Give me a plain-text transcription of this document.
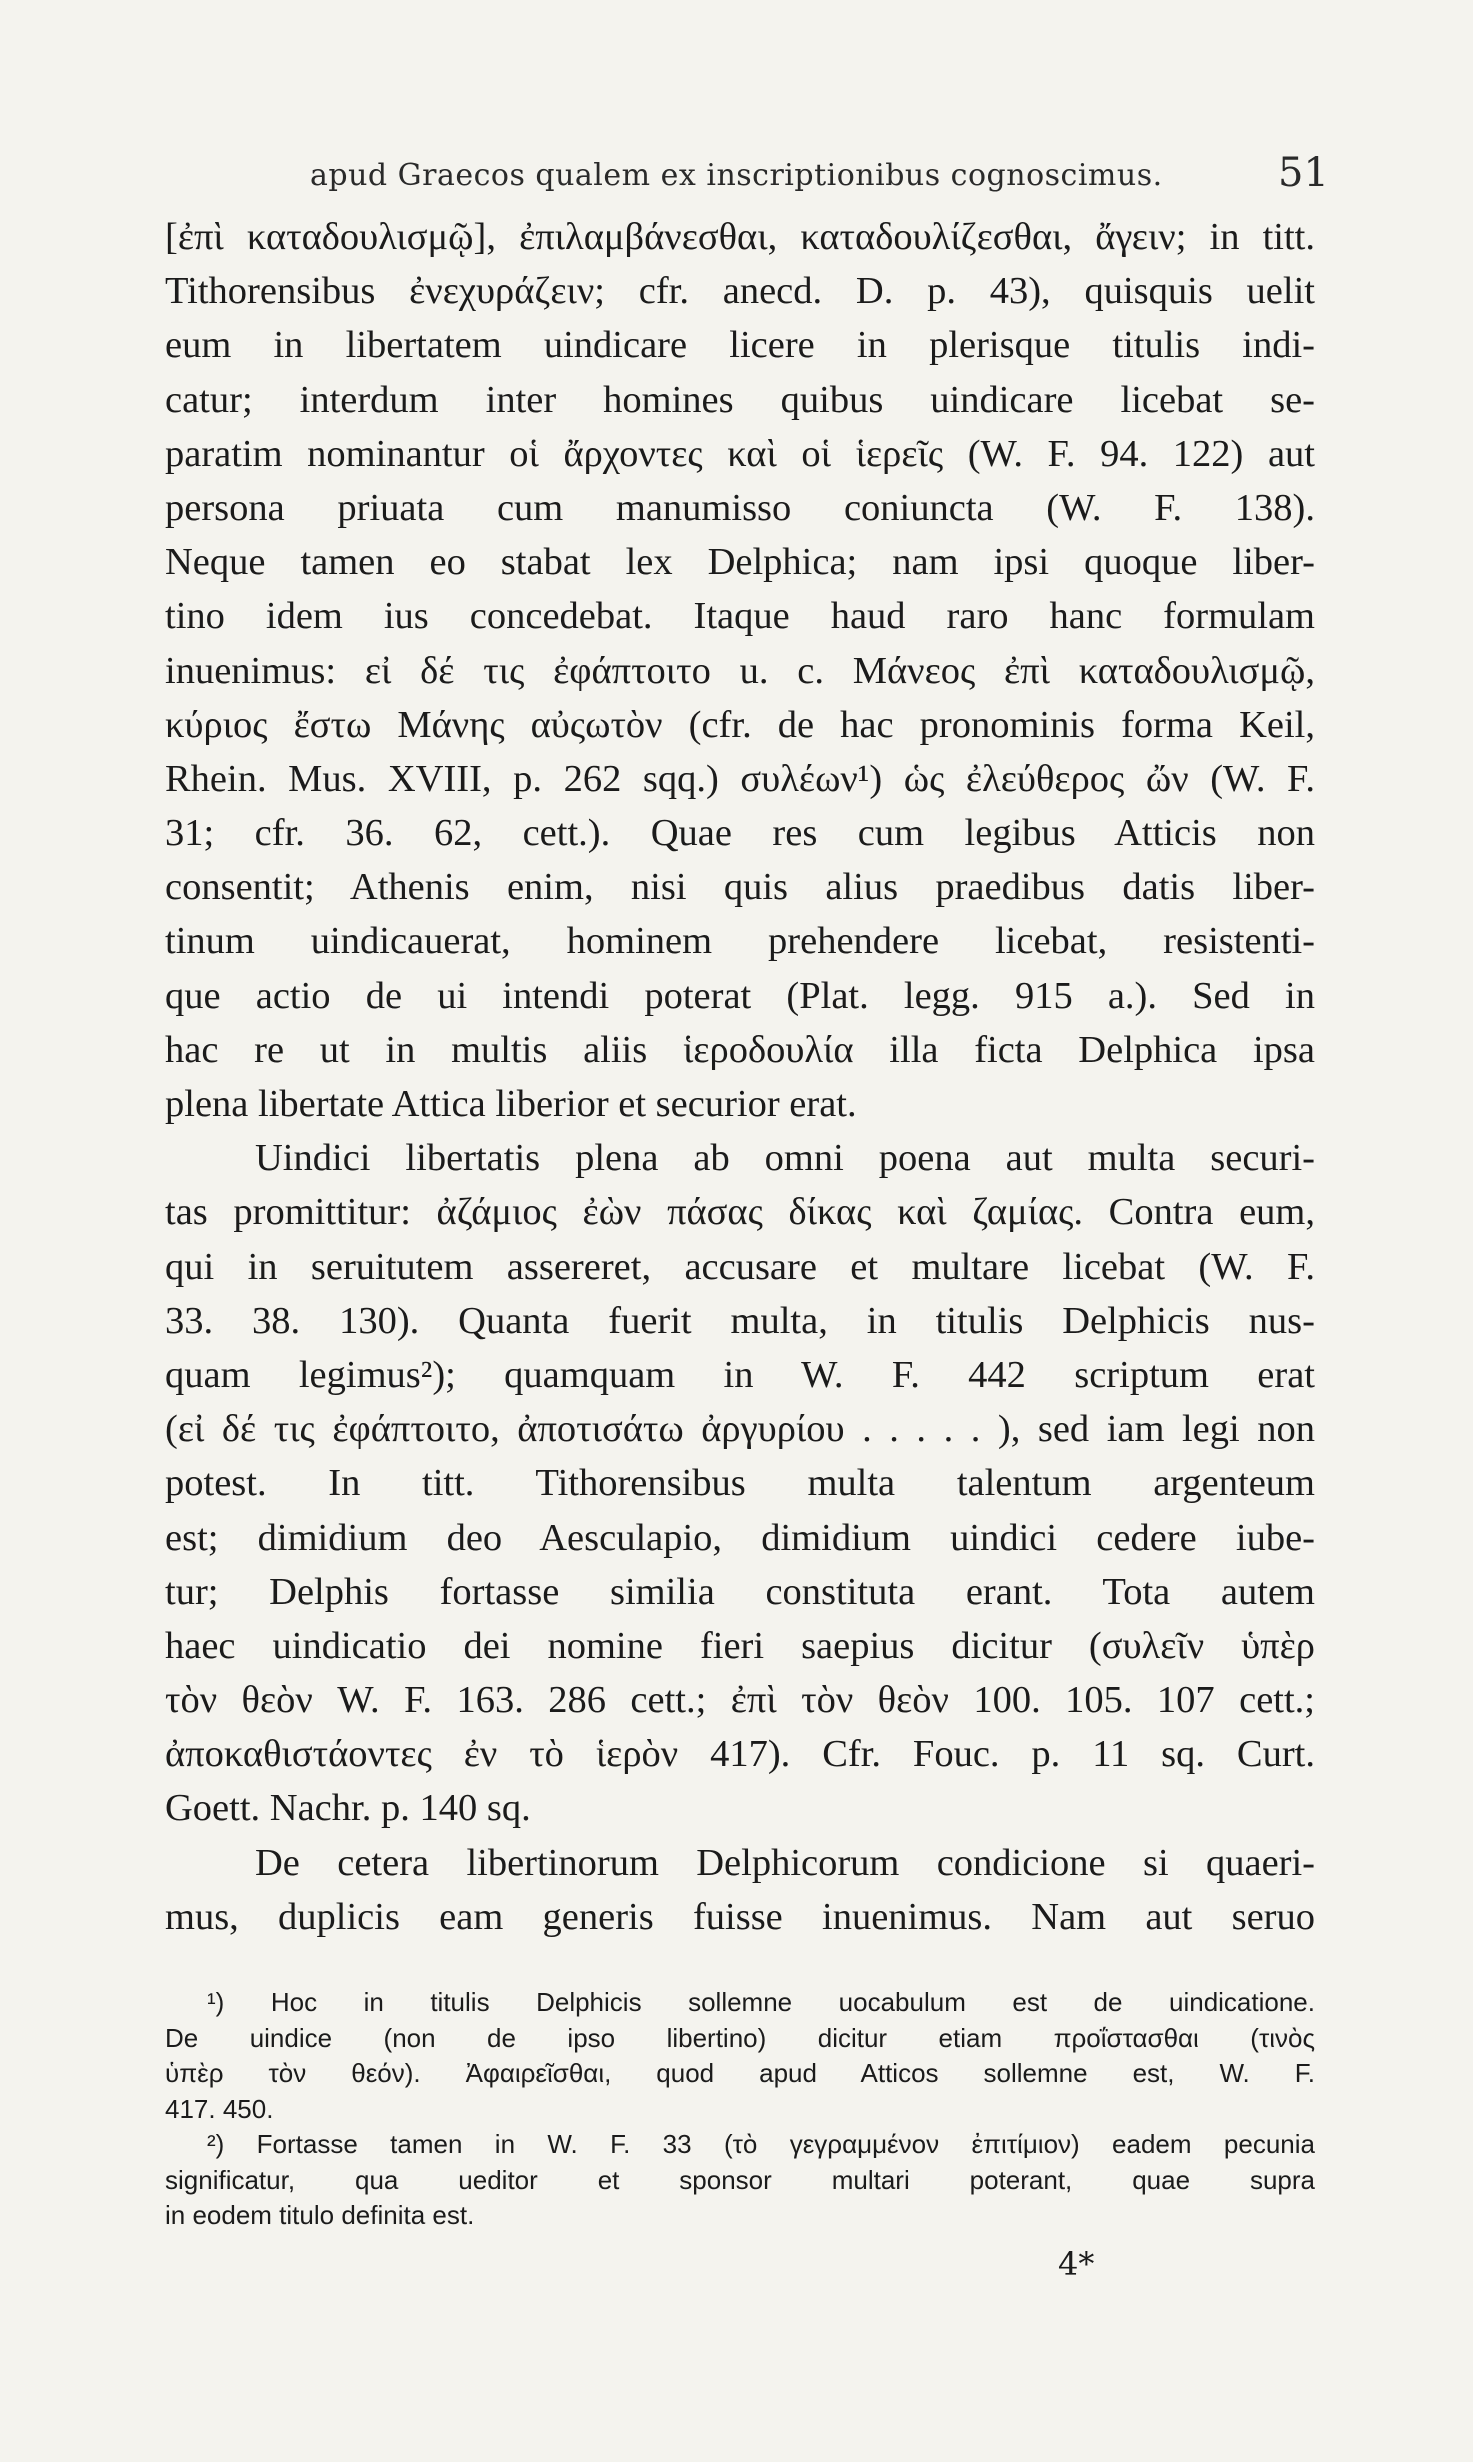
apud Graecos qualem ex inscriptionibus cognoscimus.	51
[ἐπὶ καταδουλισμῷ], ἐπιλαμβάνεσθαι, καταδουλίζεσθαι, ἄγειν; in titt.
Tithorensibus ἐνεχυράζειν; cfr. anecd. D. p. 43), quisquis uelit
eum in libertatem uindicare licere in plerisque titulis indi-
catur; interdum inter homines quibus uindicare licebat se-
paratim nominantur οἱ ἄρχοντες καὶ οἱ ἱερεῖς (W. F. 94. 122) aut
persona priuata cum manumisso coniuncta (W. F. 138).
Neque tamen eo stabat lex Delphica; nam ipsi quoque liber-
tino idem ius concedebat. Itaque haud raro hanc formulam
inuenimus: εἰ δέ τις ἐφάπτοιτο u. c. Μάνεος ἐπὶ καταδουλισμῷ,
κύριος ἔστω Μάνης αὐςωτὸν (cfr. de hac pronominis forma Keil,
Rhein. Mus. XVIII, p. 262 sqq.) συλέων¹) ὡς ἐλεύθερος ὤν (W. F.
31; cfr. 36. 62, cett.). Quae res cum legibus Atticis non
consentit; Athenis enim, nisi quis alius praedibus datis liber-
tinum uindicauerat, hominem prehendere licebat, resistenti-
que actio de ui intendi poterat (Plat. legg. 915 a.). Sed in
hac re ut in multis aliis ἱεροδουλία illa ficta Delphica ipsa
plena libertate Attica liberior et securior erat.
Uindici libertatis plena ab omni poena aut multa securi-
tas promittitur: ἀζάμιος ἐὼν πάσας δίκας καὶ ζαμίας. Contra eum,
qui in seruitutem assereret, accusare et multare licebat (W. F.
33. 38. 130). Quanta fuerit multa, in titulis Delphicis nus-
quam legimus²); quamquam in W. F. 442 scriptum erat
(εἰ δέ τις ἐφάπτοιτο, ἀποτισάτω ἀργυρίου . . . . . ), sed iam legi non
potest. In titt. Tithorensibus multa talentum argenteum
est; dimidium deo Aesculapio, dimidium uindici cedere iube-
tur; Delphis fortasse similia constituta erant. Tota autem
haec uindicatio dei nomine fieri saepius dicitur (συλεῖν ὑπὲρ
τὸν θεὸν W. F. 163. 286 cett.; ἐπὶ τὸν θεὸν 100. 105. 107 cett.;
ἀποκαθιστάοντες ἐν τὸ ἱερὸν 417). Cfr. Fouc. p. 11 sq. Curt.
Goett. Nachr. p. 140 sq.
De cetera libertinorum Delphicorum condicione si quaeri-
mus, duplicis eam generis fuisse inuenimus. Nam aut seruo
¹) Hoc in titulis Delphicis sollemne uocabulum est de uindicatione.
De uindice (non de ipso libertino) dicitur etiam προΐστασθαι (τινὸς
ὑπὲρ τὸν θεόν). Ἀφαιρεῖσθαι, quod apud Atticos sollemne est, W. F.
417. 450.
²) Fortasse tamen in W. F. 33 (τὸ γεγραμμένον ἐπιτίμιον) eadem pecunia
significatur, qua ueditor et sponsor multari poterant, quae supra
in eodem titulo definita est.
4*
